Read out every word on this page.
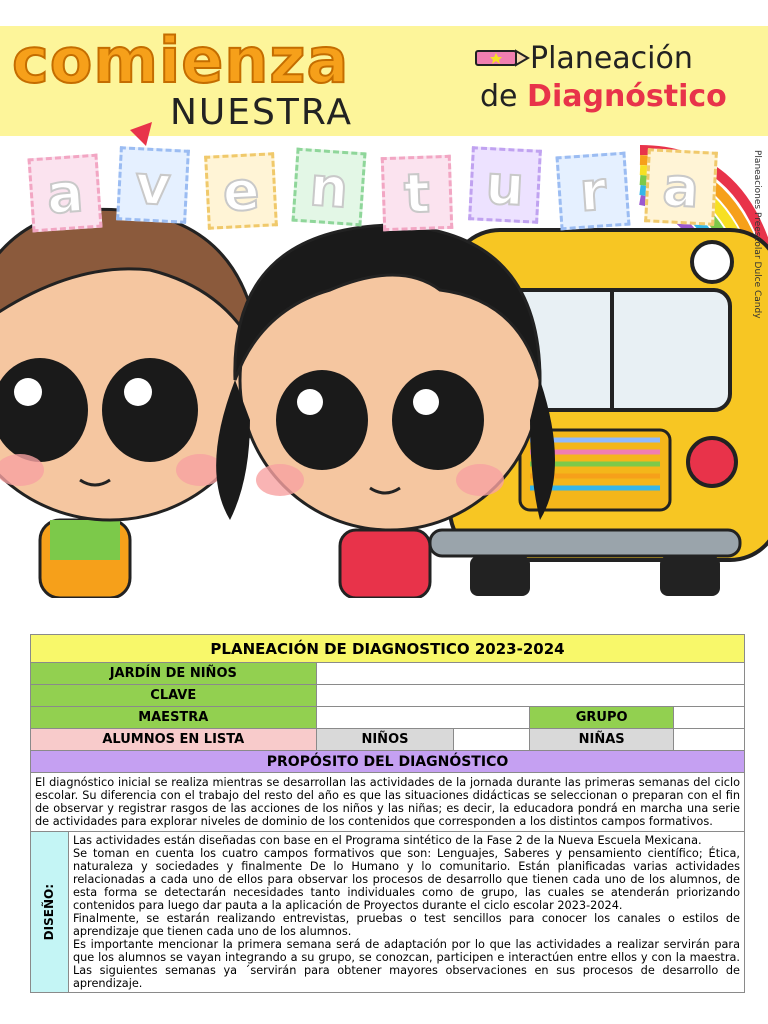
comienza
NUESTRA
a v e n t u r a
Planeación
de Diagnóstico
Planeaciones Preescolar Dulce Candy
PLANEACIÓN DE DIAGNOSTICO 2023-2024					
JARDÍN DE NIÑOS					
CLAVE					
MAESTRA				GRUPO	
ALUMNOS EN LISTA		NIÑOS		NIÑAS	
PROPÓSITO DEL DIAGNÓSTICO					
El diagnóstico inicial se realiza mientras se desarrollan las actividades de la jornada durante las primeras semanas del ciclo escolar. Su diferencia con el trabajo del resto del año es que las situaciones didácticas se seleccionan o preparan con el fin de observar y registrar rasgos de las acciones de los niños y las niñas; es decir, la educadora pondrá en marcha una serie de actividades para explorar niveles de dominio de los contenidos que corresponden a los distintos campos formativos.					

DISEÑO:	Las actividades están diseñadas con base en el Programa sintético de la Fase 2 de la Nueva Escuela Mexicana.

Se toman en cuenta los cuatro campos formativos que son: Lenguajes, Saberes y pensamiento científico; Ética, naturaleza y sociedades y finalmente De lo Humano y lo comunitario. Están planificadas varias actividades relacionadas a cada uno de ellos para observar los procesos de desarrollo que tienen cada uno de los alumnos, de esta forma se detectarán necesidades tanto individuales como de grupo, las cuales se atenderán priorizando contenidos para luego dar pauta a la aplicación de Proyectos durante el ciclo escolar 2023-2024.

Finalmente, se estarán realizando entrevistas, pruebas o test sencillos para conocer los canales o estilos de aprendizaje que tienen cada uno de los alumnos.

Es importante mencionar la primera semana será de adaptación por lo que las actividades a realizar servirán para que los alumnos se vayan integrando a su grupo, se conozcan, participen e interactúen entre ellos y con la maestra. Las siguientes semanas ya ´servirán para obtener mayores observaciones en sus procesos de desarrollo de aprendizaje.				
